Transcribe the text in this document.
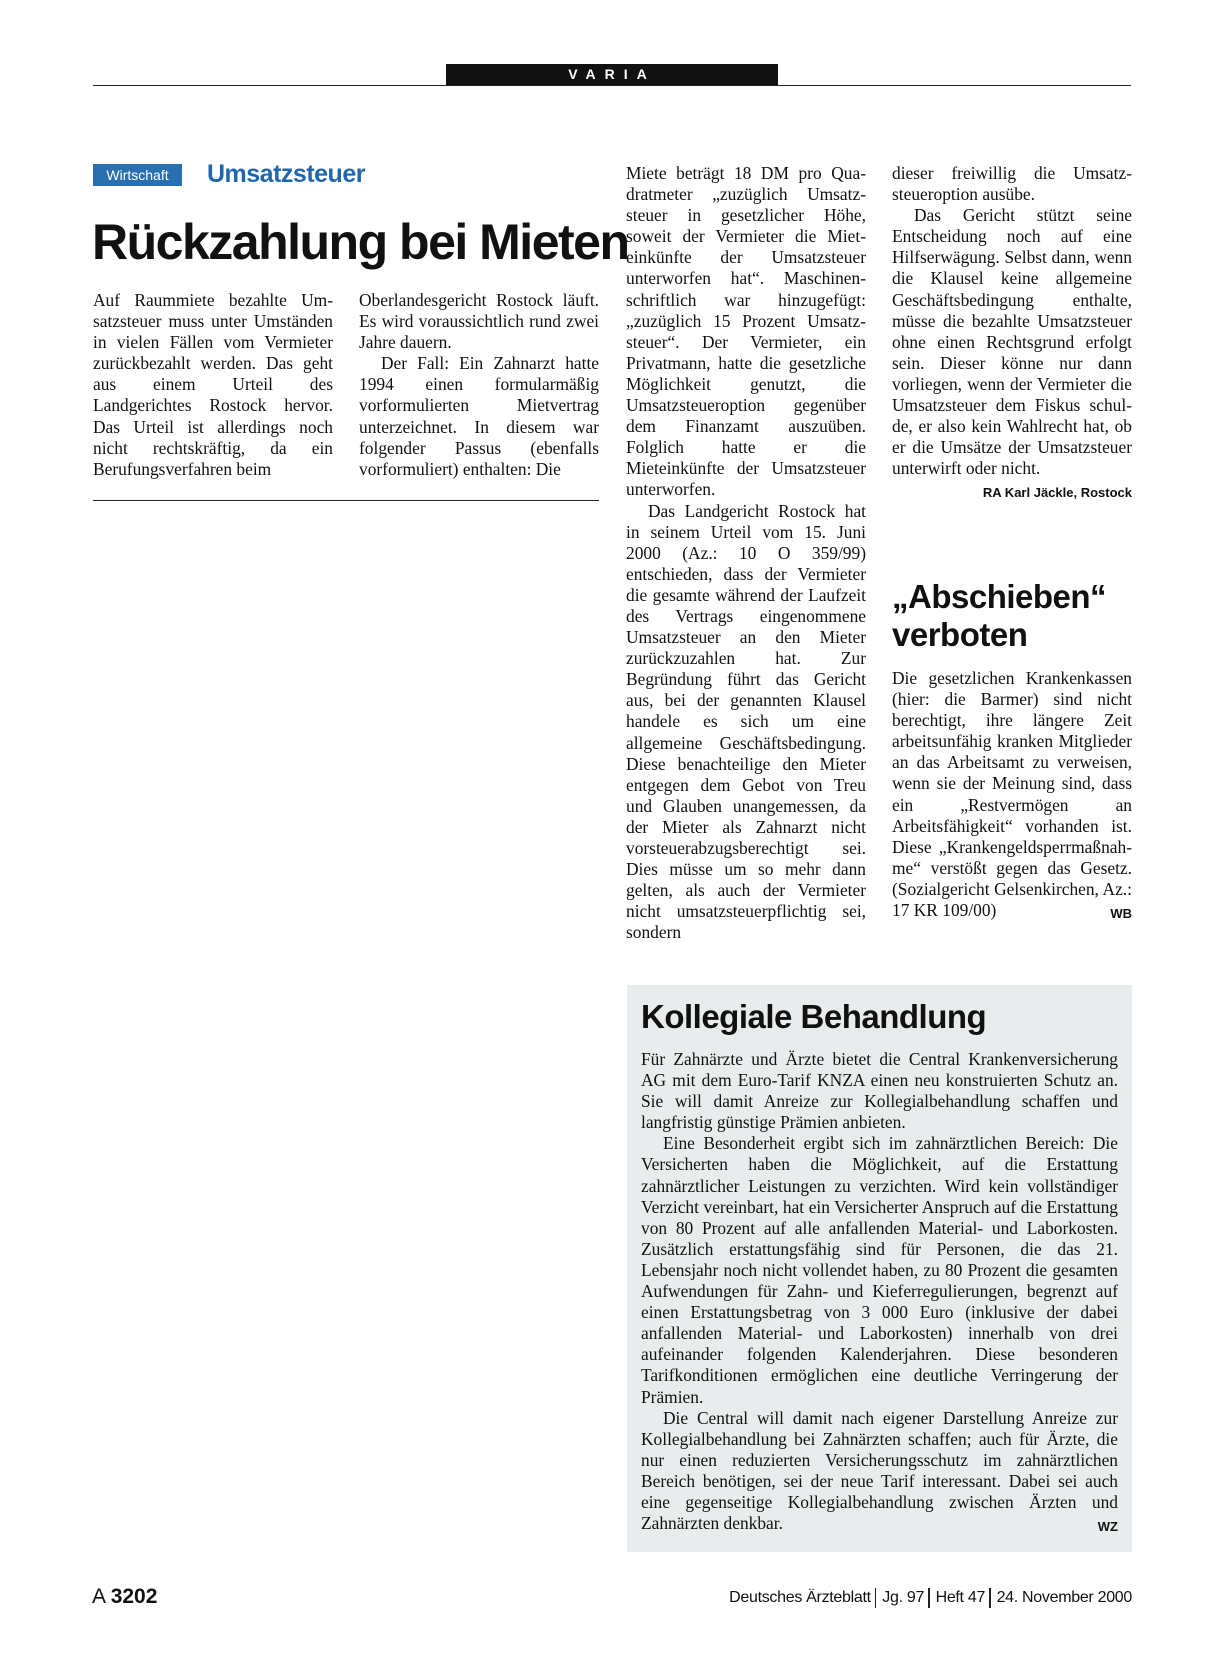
VARIA
Wirtschaft	Umsatzsteuer
Rückzahlung bei Mieten

Auf Raummiete bezahlte Umsatzsteuer muss unter Umständen in vielen Fällen vom Vermieter zurückbezahlt werden. Das geht aus einem Urteil des Landgerichtes Rostock hervor. Das Urteil ist allerdings noch nicht rechtskräftig, da ein Berufungsverfahren beim

Oberlandesgericht Rostock läuft. Es wird voraussichtlich rund zwei Jahre dauern.

Der Fall: Ein Zahnarzt hatte 1994 einen formularmäßig vorformulierten Mietvertrag unterzeichnet. In diesem war folgender Passus (ebenfalls vorformuliert) enthalten: Die

Miete beträgt 18 DM pro Quadratmeter „zuzüglich Umsatzsteuer in gesetzlicher Höhe, soweit der Vermieter die Mieteinkünfte der Umsatzsteuer unterworfen hat“. Maschinenschriftlich war hinzugefügt: „zuzüglich 15 Prozent Umsatzsteuer“. Der Vermieter, ein Privatmann, hatte die gesetzliche Möglichkeit genutzt, die Umsatzsteueroption gegenüber dem Finanzamt auszuüben. Folglich hatte er die Mieteinkünfte der Umsatzsteuer unterworfen.

Das Landgericht Rostock hat in seinem Urteil vom 15. Juni 2000 (Az.: 10 O 359/99) entschieden, dass der Vermieter die gesamte während der Laufzeit des Vertrags eingenommene Umsatzsteuer an den Mieter zurückzuzahlen hat. Zur Begründung führt das Gericht aus, bei der genannten Klausel handele es sich um eine allgemeine Geschäftsbedingung. Diese benachteilige den Mieter entgegen dem Gebot von Treu und Glauben unangemessen, da der Mieter als Zahnarzt nicht vorsteuerabzugsberechtigt sei. Dies müsse um so mehr dann gelten, als auch der Vermieter nicht umsatzsteuerpflichtig sei, sondern

dieser freiwillig die Umsatzsteueroption ausübe.

Das Gericht stützt seine Entscheidung noch auf eine Hilfserwägung. Selbst dann, wenn die Klausel keine allgemeine Geschäftsbedingung enthalte, müsse die bezahlte Umsatzsteuer ohne einen Rechtsgrund erfolgt sein. Dieser könne nur dann vorliegen, wenn der Vermieter die Umsatzsteuer dem Fiskus schulde, er also kein Wahlrecht hat, ob er die Umsätze der Umsatzsteuer unterwirft oder nicht.
RA Karl Jäckle, Rostock

„Abschieben“ verboten

Die gesetzlichen Krankenkassen (hier: die Barmer) sind nicht berechtigt, ihre längere Zeit arbeitsunfähig kranken Mitglieder an das Arbeitsamt zu verweisen, wenn sie der Meinung sind, dass ein „Restvermögen an Arbeitsfähigkeit“ vorhanden ist. Diese „Krankengeldsperrmaßnahme“ verstößt gegen das Gesetz. (Sozialgericht Gelsenkirchen, Az.: 17 KR 109/00)	WB

Kollegiale Behandlung

Für Zahnärzte und Ärzte bietet die Central Krankenversicherung AG mit dem Euro-Tarif KNZA einen neu konstruierten Schutz an. Sie will damit Anreize zur Kollegialbehandlung schaffen und langfristig günstige Prämien anbieten.

Eine Besonderheit ergibt sich im zahnärztlichen Bereich: Die Versicherten haben die Möglichkeit, auf die Erstattung zahnärztlicher Leistungen zu verzichten. Wird kein vollständiger Verzicht vereinbart, hat ein Versicherter Anspruch auf die Erstattung von 80 Prozent auf alle anfallenden Material- und Laborkosten. Zusätzlich erstattungsfähig sind für Personen, die das 21. Lebensjahr noch nicht vollendet haben, zu 80 Prozent die gesamten Aufwendungen für Zahn- und Kieferregulierungen, begrenzt auf einen Erstattungsbetrag von 3 000 Euro (inklusive der dabei anfallenden Material- und Laborkosten) innerhalb von drei aufeinander folgenden Kalenderjahren. Diese besonderen Tarifkonditionen ermöglichen eine deutliche Verringerung der Prämien.

Die Central will damit nach eigener Darstellung Anreize zur Kollegialbehandlung bei Zahnärzten schaffen; auch für Ärzte, die nur einen reduzierten Versicherungsschutz im zahnärztlichen Bereich benötigen, sei der neue Tarif interessant. Dabei sei auch eine gegenseitige Kollegialbehandlung zwischen Ärzten und Zahnärzten denkbar.	WZ

A 3202	Deutsches Ärzteblatt Jg. 97 Heft 47 24. November 2000
